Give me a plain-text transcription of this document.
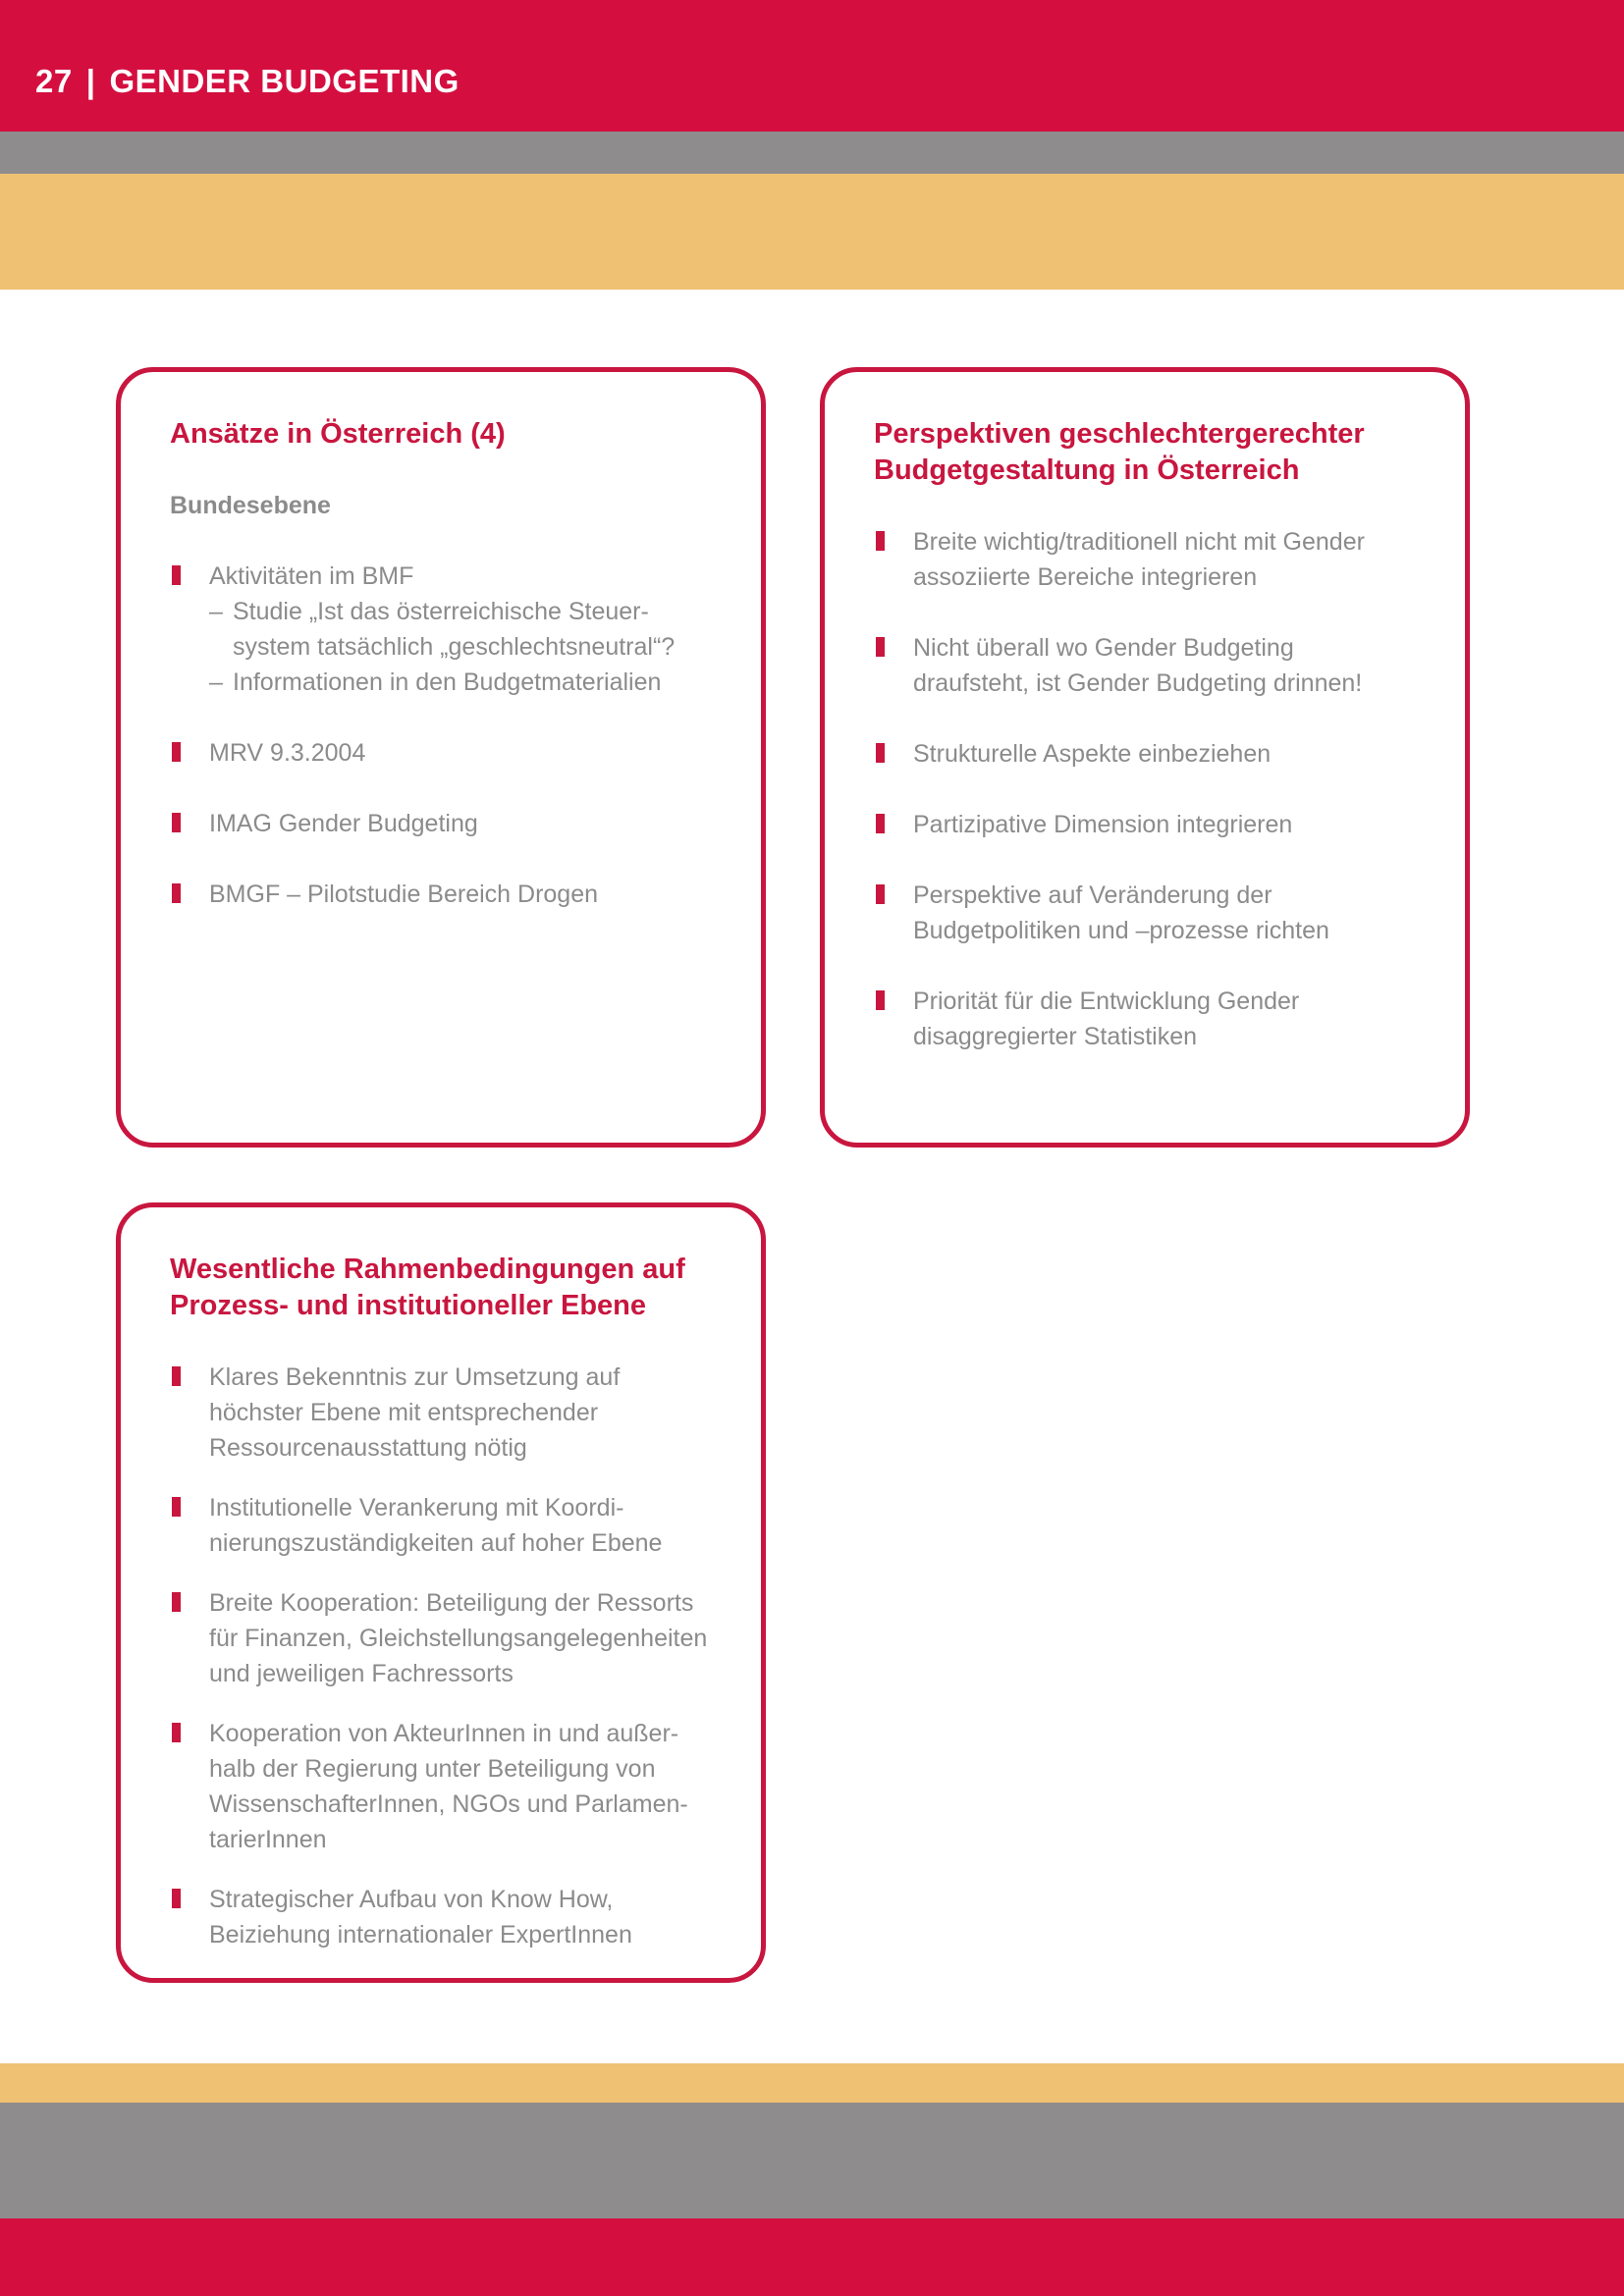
27 | GENDER BUDGETING
Ansätze in Österreich (4)
Bundesebene
Aktivitäten im BMF
– Studie „Ist das österreichische Steuer-system tatsächlich „geschlechtsneutral“?
– Informationen in den Budgetmaterialien
MRV 9.3.2004
IMAG Gender Budgeting
BMGF – Pilotstudie Bereich Drogen
Perspektiven geschlechtergerechter Budgetgestaltung in Österreich
Breite wichtig/traditionell nicht mit Gender assoziierte Bereiche integrieren
Nicht überall wo Gender Budgeting draufsteht, ist Gender Budgeting drinnen!
Strukturelle Aspekte einbeziehen
Partizipative Dimension integrieren
Perspektive auf Veränderung der Budgetpolitiken und –prozesse richten
Priorität für die Entwicklung Gender disaggregierter Statistiken
Wesentliche Rahmenbedingungen auf Prozess- und institutioneller Ebene
Klares Bekenntnis zur Umsetzung auf höchster Ebene mit entsprechender Ressourcenausstattung nötig
Institutionelle Verankerung mit Koordi-nierungszuständigkeiten auf hoher Ebene
Breite Kooperation: Beteiligung der Ressorts für Finanzen, Gleichstellungsangelegenheiten und jeweiligen Fachressorts
Kooperation von AkteurInnen in und außer-halb der Regierung unter Beteiligung von WissenschafterInnen, NGOs und Parlamen-tarierInnen
Strategischer Aufbau von Know How, Beiziehung internationaler ExpertInnen
